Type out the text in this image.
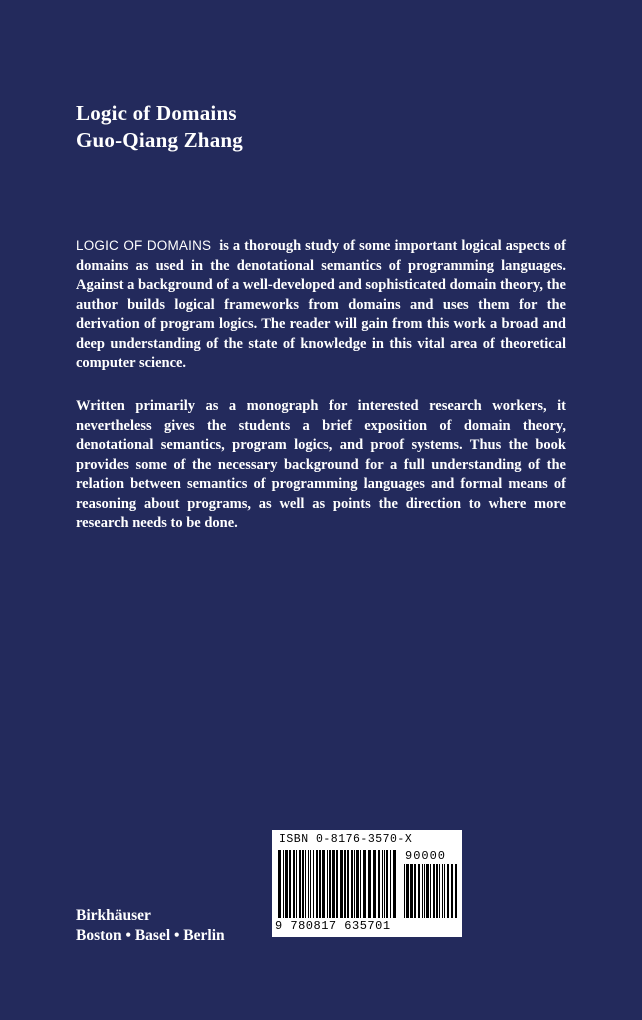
Logic of Domains
Guo-Qiang Zhang

LOGIC OF DOMAINS is a thorough study of some important logical aspects of domains as used in the denotational semantics of programming languages. Against a background of a well-developed and sophisticated domain theory, the author builds logical frameworks from domains and uses them for the derivation of program logics. The reader will gain from this work a broad and deep understanding of the state of knowledge in this vital area of theoretical computer science.

Written primarily as a monograph for interested research workers, it nevertheless gives the students a brief exposition of domain theory, denotational semantics, program logics, and proof systems. Thus the book provides some of the necessary background for a full understanding of the relation between semantics of programming languages and formal means of reasoning about programs, as well as points the direction to where more research needs to be done.

Birkhäuser
Boston • Basel • Berlin
ISBN 0-8176-3570-X
90000
9 780817 635701
